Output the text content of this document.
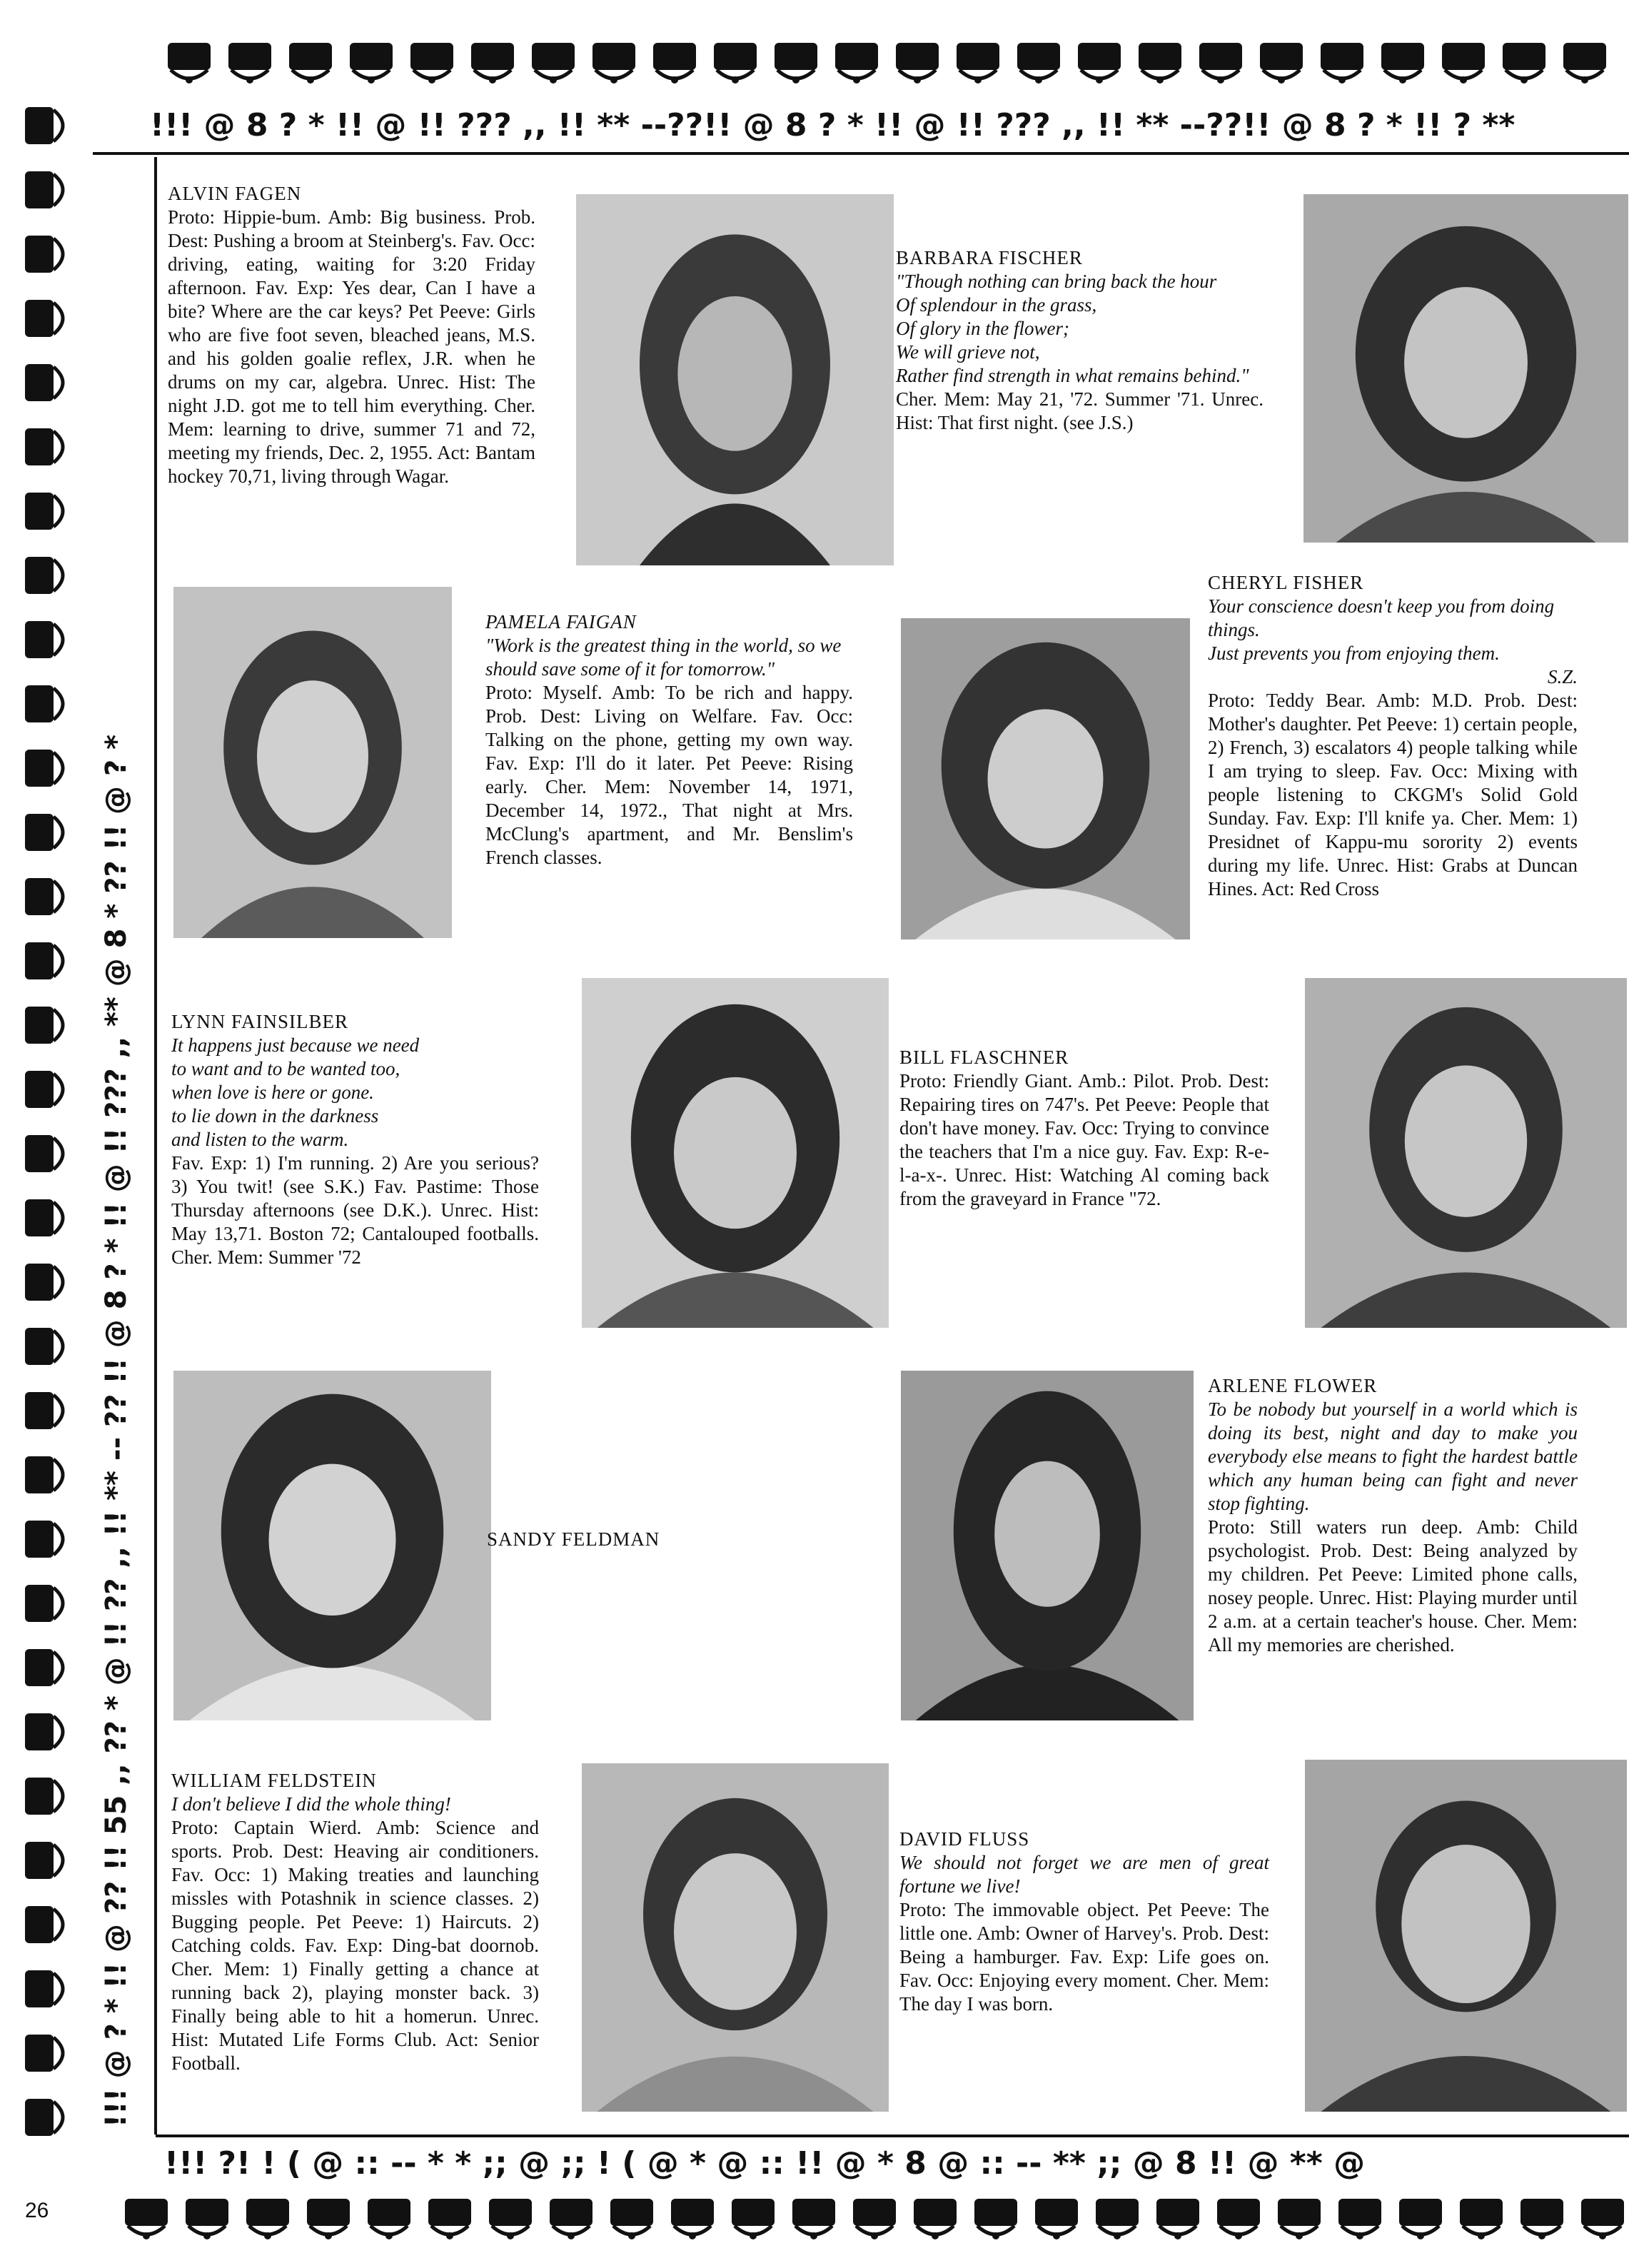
!!! @ 8 ? * !! @ !! ??? ,, !! ** --??!! @ 8 ? * !! @ !! ??? ,, !! ** --??!! @ 8 ? * !! ? **
!!! ?! ! ( @ :: -- * * ;; @ ;; ! ( @ * @ :: !! @ * 8 @ :: -- ** ;; @ 8 !! @ ** @
!!! @ ? * !! @ ?? !! 55 ,, ?? * @ !! ?? ,, !! ** -- ?? !! @ 8 ? * !! @ !! ??? ,, ** @ 8 * ?? !! @ ? *
26
ALVIN FAGEN
Proto: Hippie-bum. Amb: Big business. Prob. Dest: Pushing a broom at Steinberg's. Fav. Occ: driving, eating, waiting for 3:20 Friday afternoon. Fav. Exp: Yes dear, Can I have a bite? Where are the car keys? Pet Peeve: Girls who are five foot seven, bleached jeans, M.S. and his golden goalie reflex, J.R. when he drums on my car, algebra. Unrec. Hist: The night J.D. got me to tell him everything. Cher. Mem: learning to drive, summer 71 and 72, meeting my friends, Dec. 2, 1955. Act: Bantam hockey 70,71, living through Wagar.
BARBARA FISCHER
"Though nothing can bring back the hour
Of splendour in the grass,
Of glory in the flower;
We will grieve not,
Rather find strength in what remains behind."
Cher. Mem: May 21, '72. Summer '71. Unrec. Hist: That first night. (see J.S.)
PAMELA FAIGAN
"Work is the greatest thing in the world, so we should save some of it for tomorrow."
Proto: Myself. Amb: To be rich and happy. Prob. Dest: Living on Welfare. Fav. Occ: Talking on the phone, getting my own way. Fav. Exp: I'll do it later. Pet Peeve: Rising early. Cher. Mem: November 14, 1971, December 14, 1972., That night at Mrs. McClung's apartment, and Mr. Benslim's French classes.
CHERYL FISHER
Your conscience doesn't keep you from doing things.
Just prevents you from enjoying them.
S.Z.
Proto: Teddy Bear. Amb: M.D. Prob. Dest: Mother's daughter. Pet Peeve: 1) certain people, 2) French, 3) escalators 4) people talking while I am trying to sleep. Fav. Occ: Mixing with people listening to CKGM's Solid Gold Sunday. Fav. Exp: I'll knife ya. Cher. Mem: 1) Presidnet of Kappu-mu sorority 2) events during my life. Unrec. Hist: Grabs at Duncan Hines. Act: Red Cross
LYNN FAINSILBER
It happens just because we need
to want and to be wanted too,
when love is here or gone.
to lie down in the darkness
and listen to the warm.
Fav. Exp: 1) I'm running. 2) Are you serious? 3) You twit! (see S.K.) Fav. Pastime: Those Thursday afternoons (see D.K.). Unrec. Hist: May 13,71. Boston 72; Cantalouped footballs. Cher. Mem: Summer '72
BILL FLASCHNER
Proto: Friendly Giant. Amb.: Pilot. Prob. Dest: Repairing tires on 747's. Pet Peeve: People that don't have money. Fav. Occ: Trying to convince the teachers that I'm a nice guy. Fav. Exp: R-e-l-a-x-. Unrec. Hist: Watching Al coming back from the graveyard in France "72.
SANDY FELDMAN
ARLENE FLOWER
To be nobody but yourself in a world which is doing its best, night and day to make you everybody else means to fight the hardest battle which any human being can fight and never stop fighting.
Proto: Still waters run deep. Amb: Child psychologist. Prob. Dest: Being analyzed by my children. Pet Peeve: Limited phone calls, nosey people. Unrec. Hist: Playing murder until 2 a.m. at a certain teacher's house. Cher. Mem: All my memories are cherished.
WILLIAM FELDSTEIN
I don't believe I did the whole thing!
Proto: Captain Wierd. Amb: Science and sports. Prob. Dest: Heaving air conditioners. Fav. Occ: 1) Making treaties and launching missles with Potashnik in science classes. 2) Bugging people. Pet Peeve: 1) Haircuts. 2) Catching colds. Fav. Exp: Ding-bat doornob. Cher. Mem: 1) Finally getting a chance at running back 2), playing monster back. 3) Finally being able to hit a homerun. Unrec. Hist: Mutated Life Forms Club. Act: Senior Football.
DAVID FLUSS
We should not forget we are men of great fortune we live!
Proto: The immovable object. Pet Peeve: The little one. Amb: Owner of Harvey's. Prob. Dest: Being a hamburger. Fav. Exp: Life goes on. Fav. Occ: Enjoying every moment. Cher. Mem: The day I was born.
